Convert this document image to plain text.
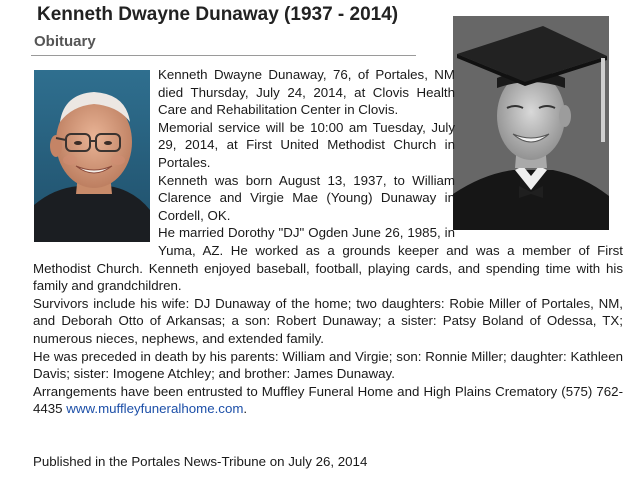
Kenneth Dwayne Dunaway (1937 - 2014)
Obituary

Kenneth Dwayne Dunaway, 76, of Portales, NM died Thursday, July 24, 2014, at Clovis Health Care and Rehabilitation Center in Clovis.

Memorial service will be 10:00 am Tuesday, July 29, 2014, at First United Methodist Church in Portales.

Kenneth was born August 13, 1937, to William Clarence and Virgie Mae (Young) Dunaway in Cordell, OK.

He married Dorothy "DJ" Ogden June 26, 1985, in Yuma, AZ. He worked as a grounds keeper and was a member of First Methodist Church. Kenneth enjoyed baseball, football, playing cards, and spending time with his family and grandchildren.

Survivors include his wife: DJ Dunaway of the home; two daughters: Robie Miller of Portales, NM, and Deborah Otto of Arkansas; a son: Robert Dunaway; a sister: Patsy Boland of Odessa, TX; numerous nieces, nephews, and extended family.

He was preceded in death by his parents: William and Virgie; son: Ronnie Miller; daughter: Kathleen Davis; sister: Imogene Atchley; and brother: James Dunaway.

Arrangements have been entrusted to Muffley Funeral Home and High Plains Crematory (575) 762-4435 www.muffleyfuneralhome.com.

Published in the Portales News-Tribune on July 26, 2014
